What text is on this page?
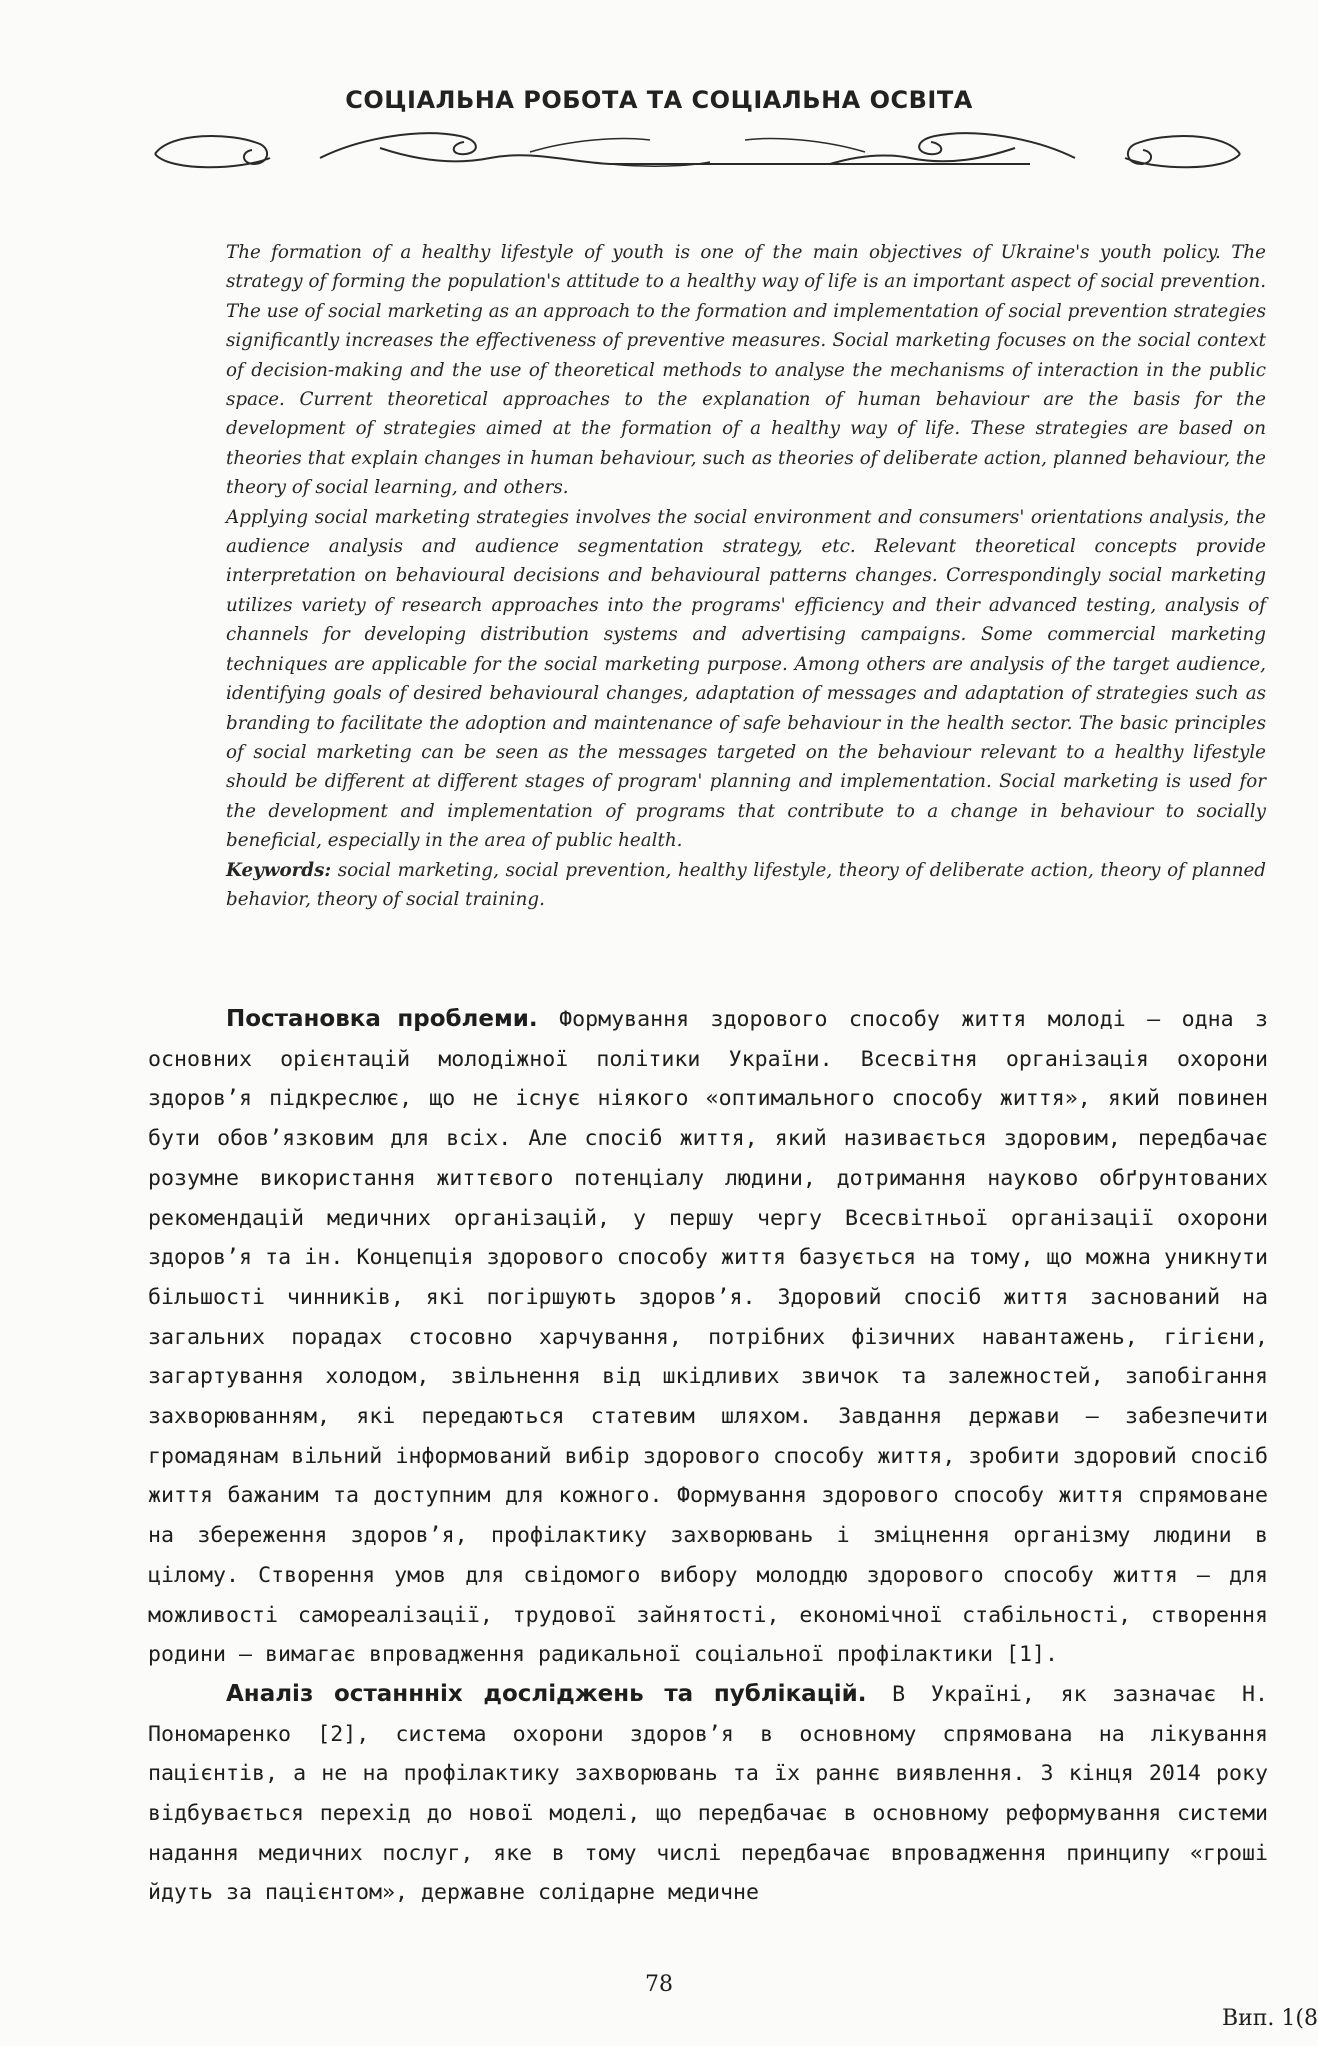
СОЦІАЛЬНА РОБОТА ТА СОЦІАЛЬНА ОСВІТА

The formation of a healthy lifestyle of youth is one of the main objectives of Ukraine's youth policy. The strategy of forming the population's attitude to a healthy way of life is an important aspect of social prevention. The use of social marketing as an approach to the formation and implementation of social prevention strategies significantly increases the effectiveness of preventive measures. Social marketing focuses on the social context of decision-making and the use of theoretical methods to analyse the mechanisms of interaction in the public space. Current theoretical approaches to the explanation of human behaviour are the basis for the development of strategies aimed at the formation of a healthy way of life. These strategies are based on theories that explain changes in human behaviour, such as theories of deliberate action, planned behaviour, the theory of social learning, and others.

Applying social marketing strategies involves the social environment and consumers' orientations analysis, the audience analysis and audience segmentation strategy, etc. Relevant theoretical concepts provide interpretation on behavioural decisions and behavioural patterns changes. Correspondingly social marketing utilizes variety of research approaches into the programs' efficiency and their advanced testing, analysis of channels for developing distribution systems and advertising campaigns. Some commercial marketing techniques are applicable for the social marketing purpose. Among others are analysis of the target audience, identifying goals of desired behavioural changes, adaptation of messages and adaptation of strategies such as branding to facilitate the adoption and maintenance of safe behaviour in the health sector. The basic principles of social marketing can be seen as the messages targeted on the behaviour relevant to a healthy lifestyle should be different at different stages of program' planning and implementation. Social marketing is used for the development and implementation of programs that contribute to a change in behaviour to socially beneficial, especially in the area of public health.

Keywords: social marketing, social prevention, healthy lifestyle, theory of deliberate action, theory of planned behavior, theory of social training.

Постановка проблеми. Формування здорового способу життя молоді – одна з основних орієнтацій молодіжної політики України. Всесвітня організація охорони здоров’я підкреслює, що не існує ніякого «оптимального способу життя», який повинен бути обов’язковим для всіх. Але спосіб життя, який називається здоровим, передбачає розумне використання життєвого потенціалу людини, дотримання науково обґрунтованих рекомендацій медичних організацій, у першу чергу Всесвітньої організації охорони здоров’я та ін. Концепція здорового способу життя базується на тому, що можна уникнути більшості чинників, які погіршують здоров’я. Здоровий спосіб життя заснований на загальних порадах стосовно харчування, потрібних фізичних навантажень, гігієни, загартування холодом, звільнення від шкідливих звичок та залежностей, запобігання захворюванням, які передаються статевим шляхом. Завдання держави – забезпечити громадянам вільний інформований вибір здорового способу життя, зробити здоровий спосіб життя бажаним та доступним для кожного. Формування здорового способу життя спрямоване на збереження здоров’я, профілактику захворювань і зміцнення організму людини в цілому. Створення умов для свідомого вибору молоддю здорового способу життя – для можливості самореалізації, трудової зайнятості, економічної стабільності, створення родини – вимагає впровадження радикальної соціальної профілактики [1].

Аналіз останнніх досліджень та публікацій. В Україні, як зазначає Н. Пономаренко [2], система охорони здоров’я в основному спрямована на лікування пацієнтів, а не на профілактику захворювань та їх раннє виявлення. З кінця 2014 року відбувається перехід до нової моделі, що передбачає в основному реформування системи надання медичних послуг, яке в тому числі передбачає впровадження принципу «гроші йдуть за пацієнтом», державне солідарне медичне

78
Вип. 1(8
